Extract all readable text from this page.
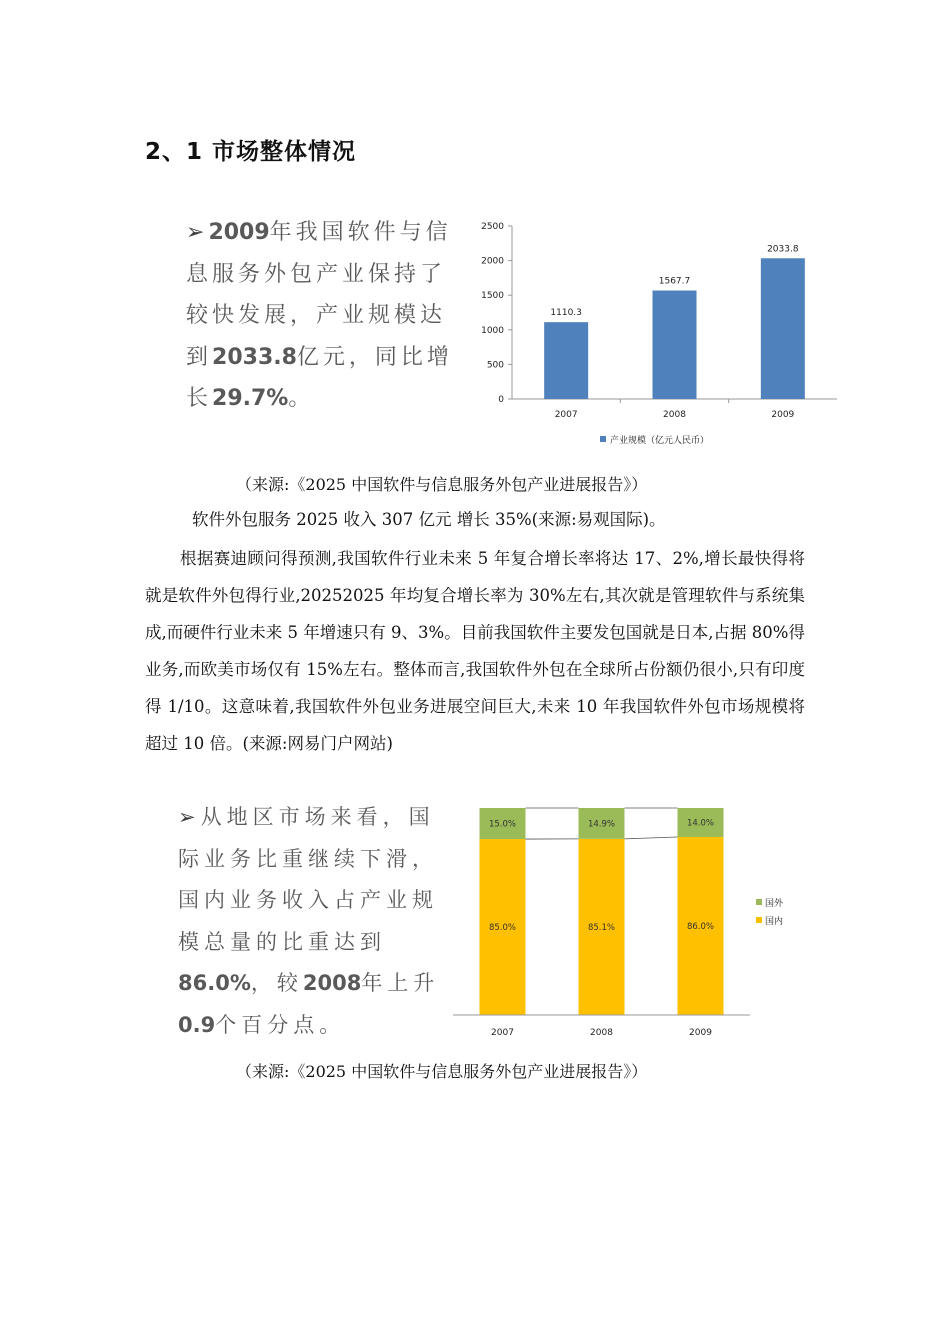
2、1 市场整体情况
➢2009年我国软件与信息服务外包产业保持了较快发展，产业规模达到2033.8亿元，同比增长29.7%。	0
500
1000
1500
2000
2500
1110.3
2007
1567.7
2008
2033.8
2009
产业规模（亿元人民币）
（来源:《2025 中国软件与信息服务外包产业进展报告》）
软件外包服务 2025 收入 307 亿元 增长 35%(来源:易观国际)。
根据赛迪顾问得预测,我国软件行业未来 5 年复合增长率将达 17、2%,增长最快得将就是软件外包得行业,20252025 年均复合增长率为 30%左右,其次就是管理软件与系统集成,而硬件行业未来 5 年增速只有 9、3%。目前我国软件主要发包国就是日本,占据 80%得业务,而欧美市场仅有 15%左右。整体而言,我国软件外包在全球所占份额仍很小,只有印度得 1/10。这意味着,我国软件外包业务进展空间巨大,未来 10 年我国软件外包市场规模将超过 10 倍。(来源:网易门户网站)
➢从地区市场来看，国际业务比重继续下滑，国内业务收入占产业规模总量的比重达到86.0%，较2008年上升0.9个百分点。
85.0%
15.0%
2007
85.1%
14.9%
2008
86.0%
14.0%
2009
国外
国内
（来源:《2025 中国软件与信息服务外包产业进展报告》）
